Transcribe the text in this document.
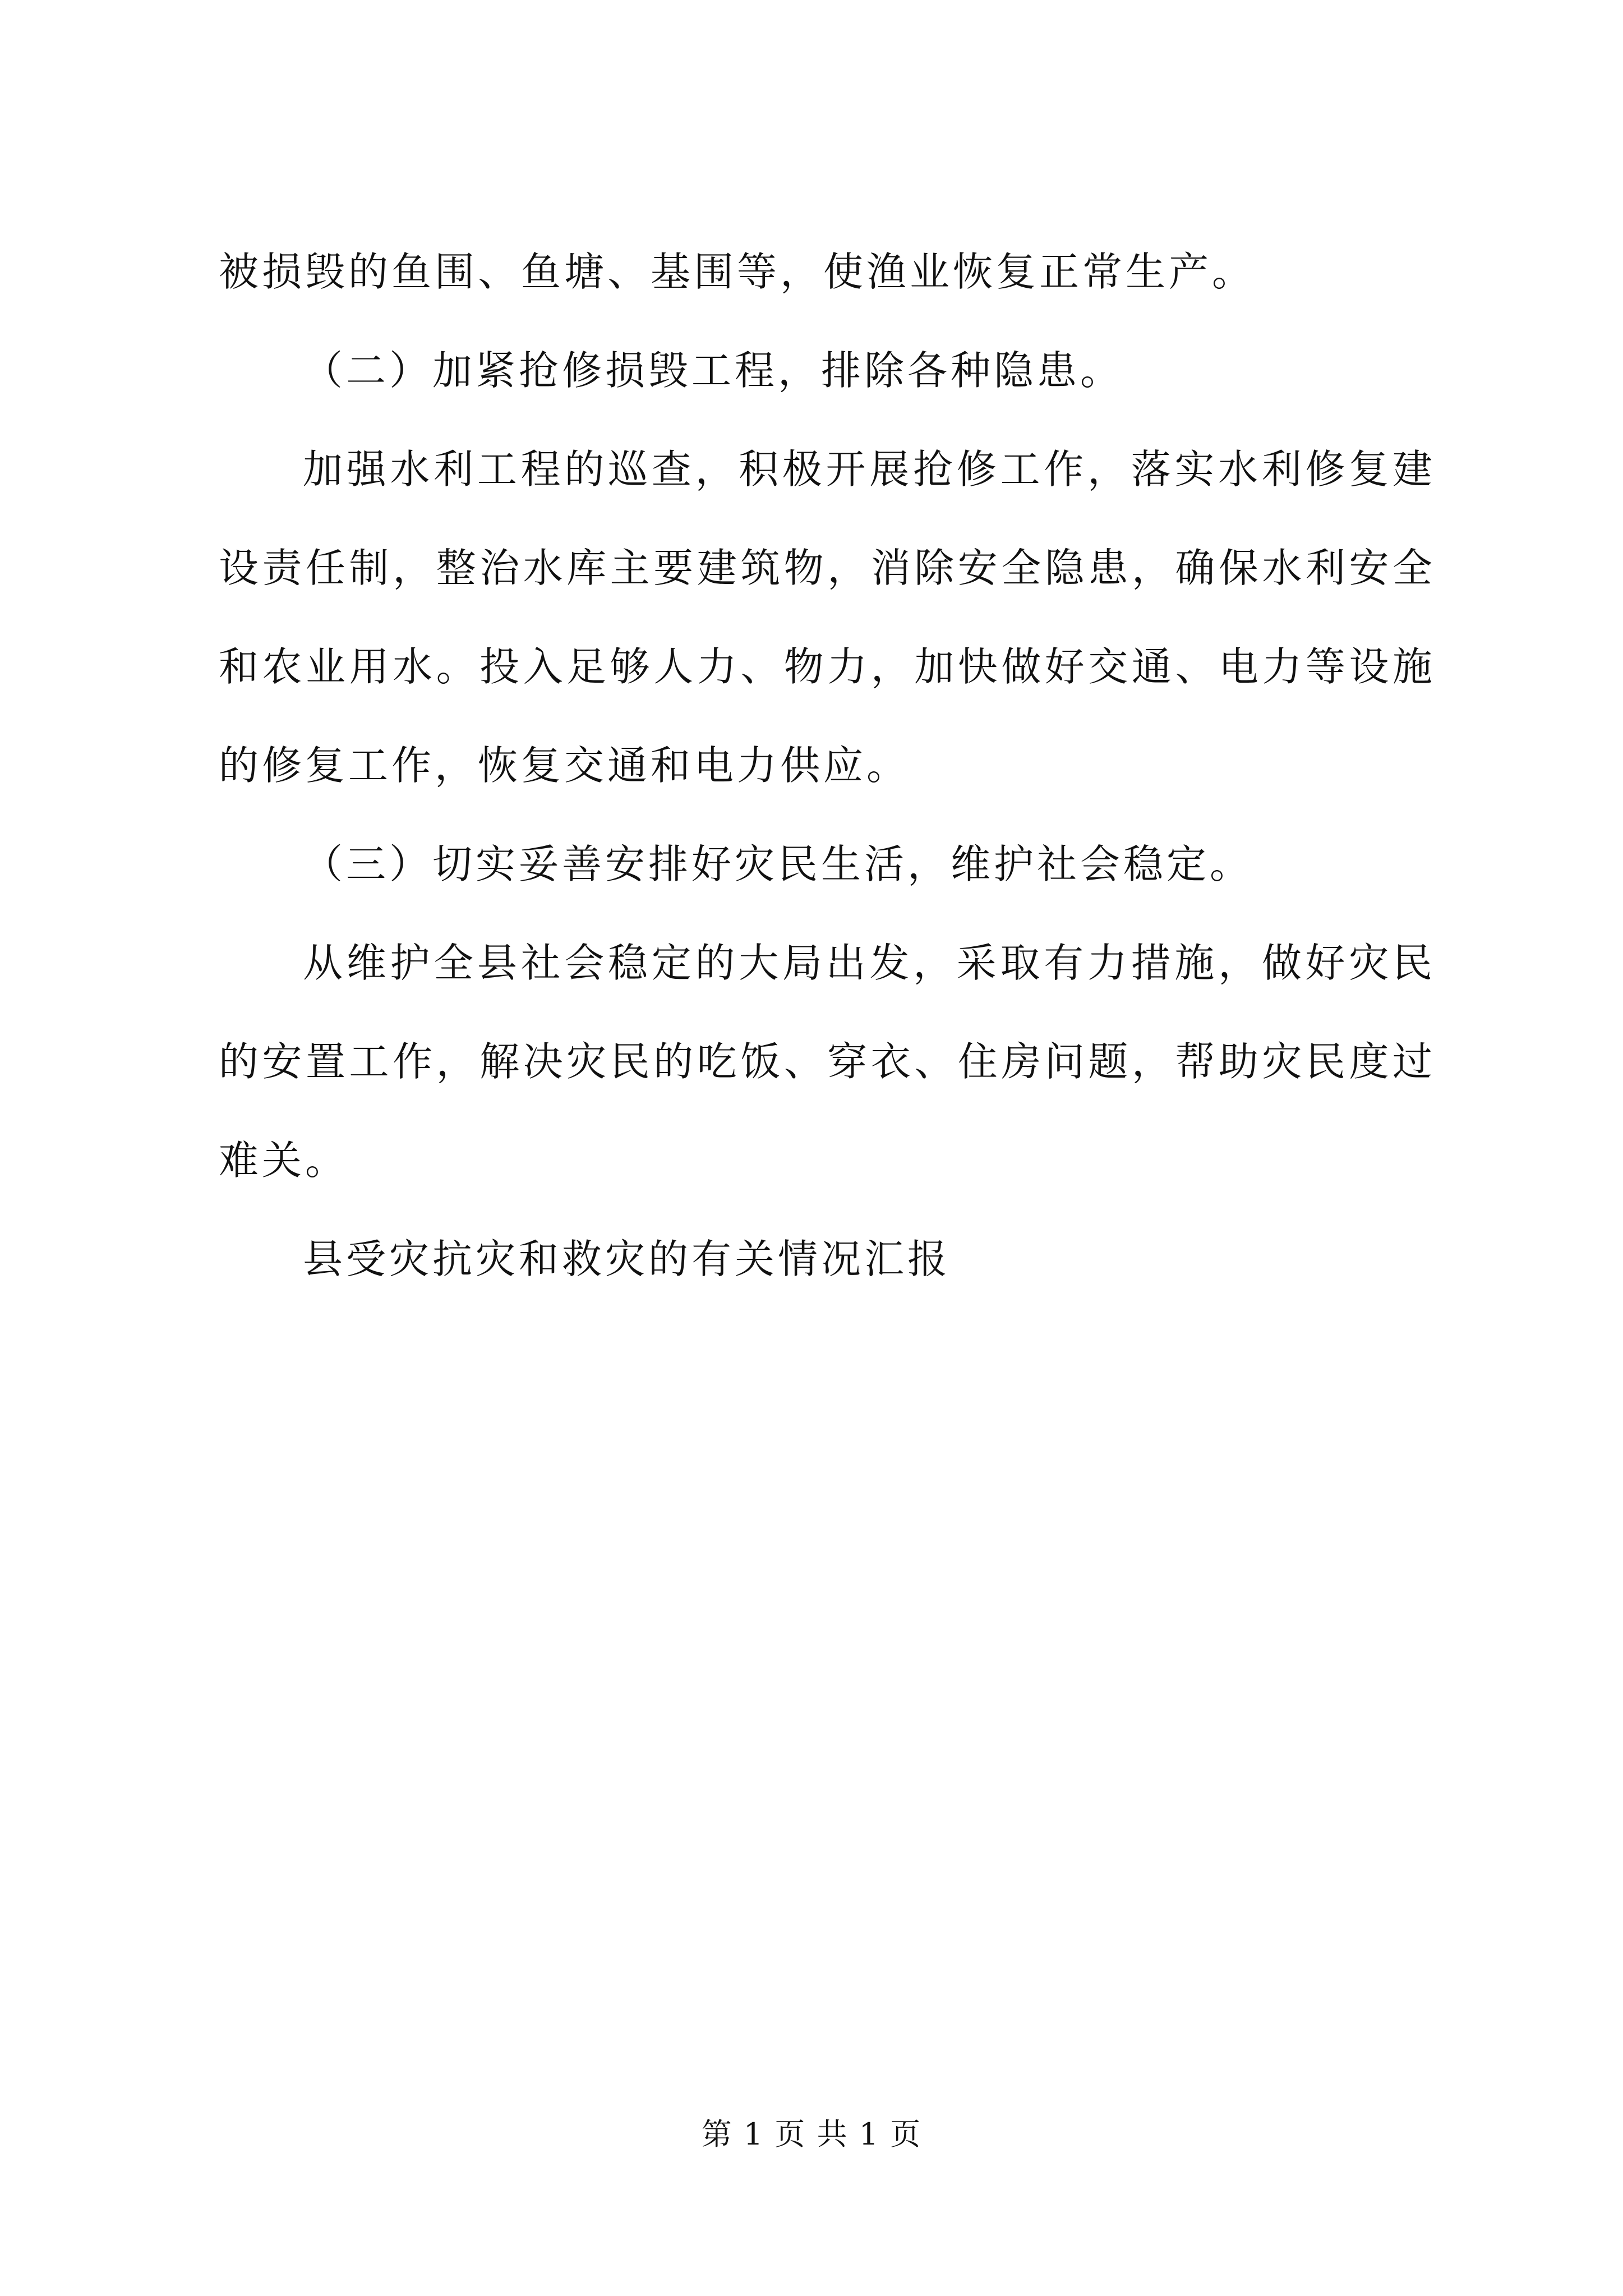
被损毁的鱼围、鱼塘、基围等，使渔业恢复正常生产。
（二）加紧抢修损毁工程，排除各种隐患。
加强水利工程的巡查，积极开展抢修工作，落实水利修复建
设责任制，整治水库主要建筑物，消除安全隐患，确保水利安全
和农业用水。投入足够人力、物力，加快做好交通、电力等设施
的修复工作，恢复交通和电力供应。
（三）切实妥善安排好灾民生活，维护社会稳定。
从维护全县社会稳定的大局出发，采取有力措施，做好灾民
的安置工作，解决灾民的吃饭、穿衣、住房问题，帮助灾民度过
难关。
县受灾抗灾和救灾的有关情况汇报
第 1 页 共 1 页
